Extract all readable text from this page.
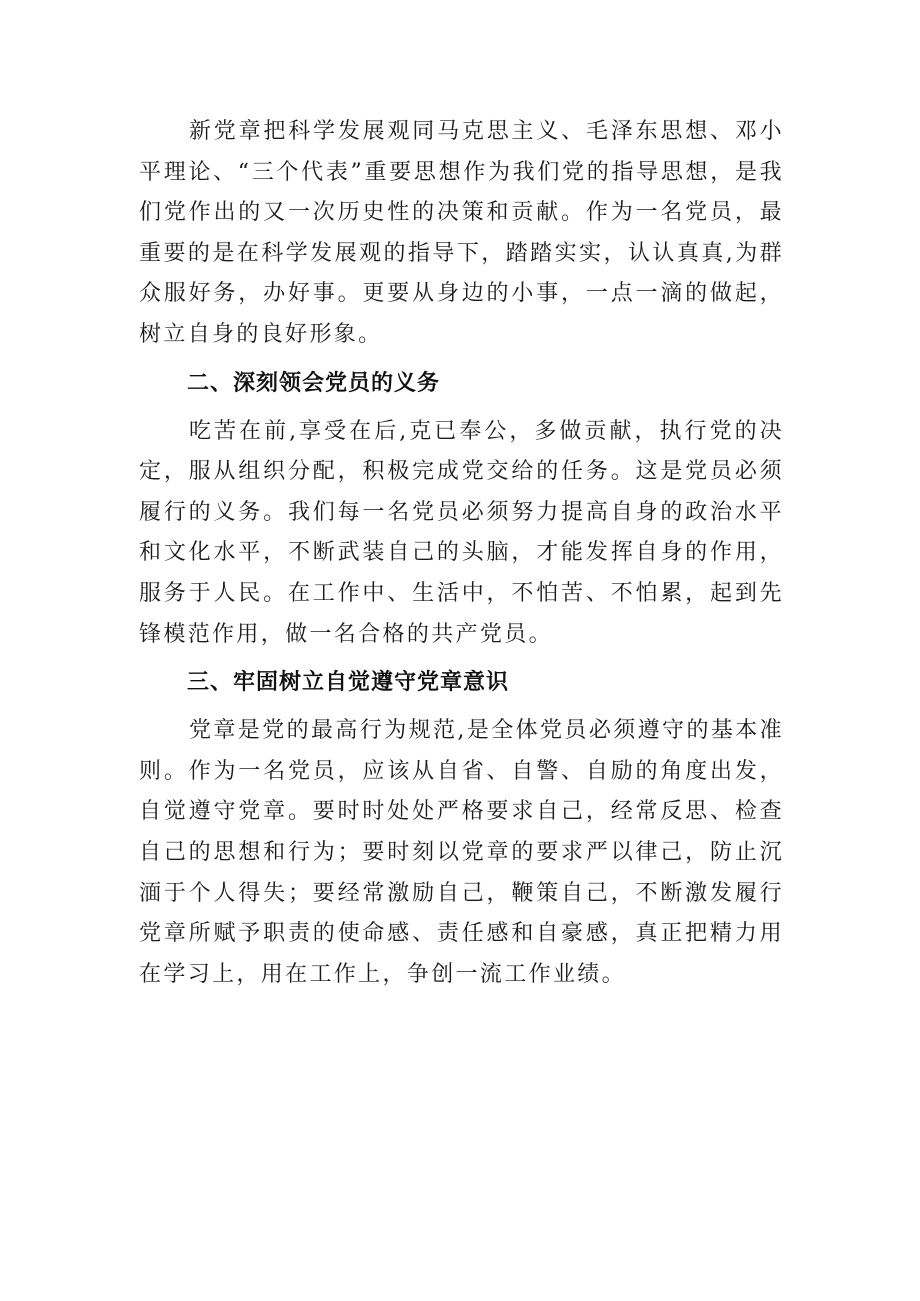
新党章把科学发展观同马克思主义、毛泽东思想、邓小平理论、“三个代表”重要思想作为我们党的指导思想，是我们党作出的又一次历史性的决策和贡献。作为一名党员，最重要的是在科学发展观的指导下，踏踏实实，认认真真,为群众服好务，办好事。更要从身边的小事，一点一滴的做起，树立自身的良好形象。

二、深刻领会党员的义务

吃苦在前,享受在后,克已奉公，多做贡献，执行党的决定，服从组织分配，积极完成党交给的任务。这是党员必须履行的义务。我们每一名党员必须努力提高自身的政治水平和文化水平，不断武装自己的头脑，才能发挥自身的作用，服务于人民。在工作中、生活中，不怕苦、不怕累，起到先锋模范作用，做一名合格的共产党员。

三、牢固树立自觉遵守党章意识

党章是党的最高行为规范,是全体党员必须遵守的基本准则。作为一名党员，应该从自省、自警、自励的角度出发，自觉遵守党章。要时时处处严格要求自己，经常反思、检查自己的思想和行为；要时刻以党章的要求严以律己，防止沉湎于个人得失；要经常激励自己，鞭策自己，不断激发履行党章所赋予职责的使命感、责任感和自豪感，真正把精力用在学习上，用在工作上，争创一流工作业绩。
